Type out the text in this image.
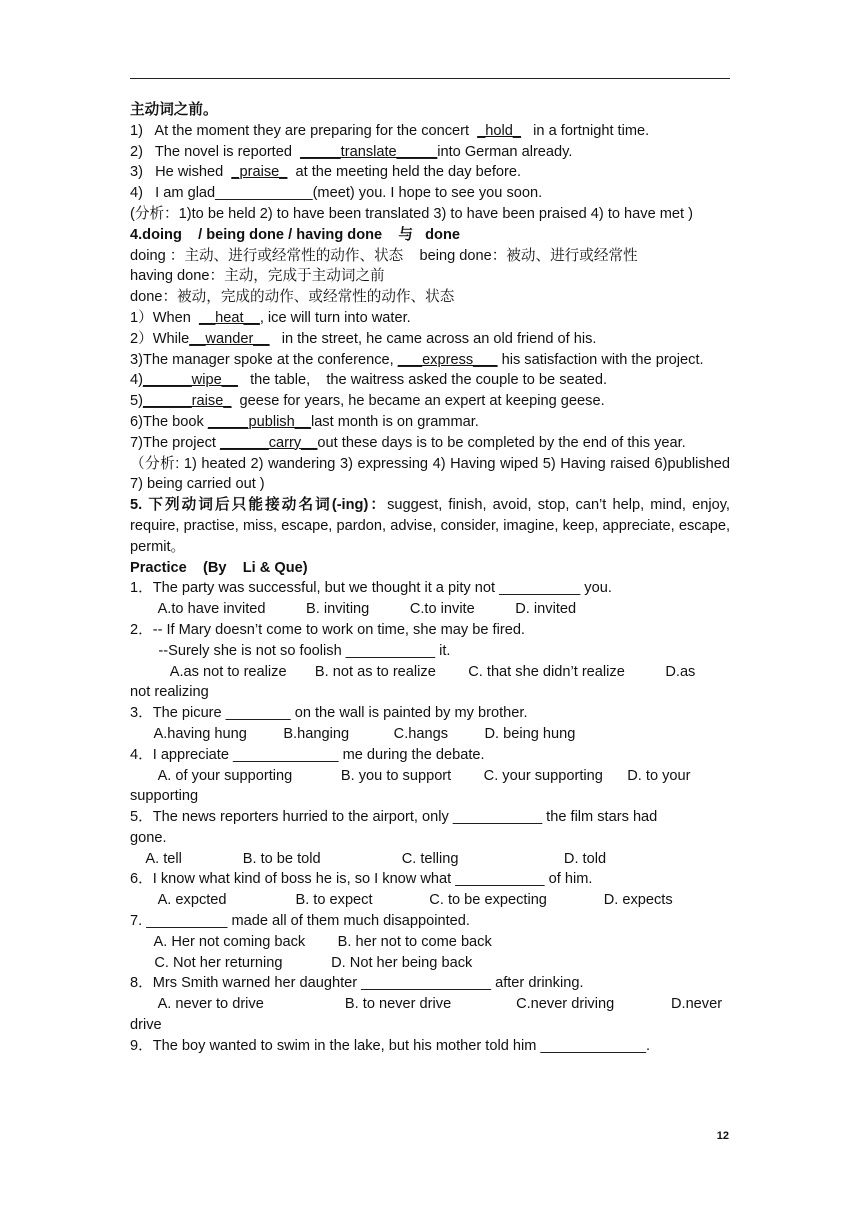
主动词之前。
1)   At the moment they are preparing for the concert  _hold_   in a fortnight time.
2)   The novel is reported  _____translate_____into German already.
3)   He wished  _praise_  at the meeting held the day before.
4)   I am glad____________(meet) you. I hope to see you soon.
(分析：1)to be held 2) to have been translated 3) to have been praised 4) to have met )
4.doing    / being done / having done    与   done
doing ：主动、进行或经常性的动作、状态    being done：被动、进行或经常性
having done：主动，完成于主动词之前
done：被动，完成的动作、或经常性的动作、状态
1）When  __heat__, ice will turn into water.
2）While__wander__   in the street, he came across an old friend of his.
3)The manager spoke at the conference, ___express___ his satisfaction with the project.
4)______wipe__   the table,    the waitress asked the couple to be seated.
5)______raise_  geese for years, he became an expert at keeping geese.
6)The book _____publish__last month is on grammar.
7)The project ______carry__out these days is to be completed by the end of this year.
（分析: 1) heated 2) wandering 3) expressing 4) Having wiped 5) Having raised 6)published 7) being carried out )
5. 下列动词后只能接动名词(-ing)：suggest, finish, avoid, stop, can’t help, mind, enjoy, require, practise, miss, escape, pardon, advise, consider, imagine, keep, appreciate, escape, permit。
Practice    (By    Li & Que)
1．The party was successful, but we thought it a pity not __________ you.
A.to have invited          B. inviting          C.to invite          D. invited
2．-- If Mary doesn’t come to work on time, she may be fired.
--Surely she is not so foolish ___________ it.
A.as not to realize       B. not as to realize        C. that she didn’t realize          D.as
not realizing
3．The picure ________ on the wall is painted by my brother.
A.having hung         B.hanging           C.hangs         D. being hung
4．I appreciate _____________ me during the debate.
A. of your supporting            B. you to support        C. your supporting      D. to your
supporting
5．The news reporters hurried to the airport, only ___________ the film stars had
gone.
A. tell               B. to be told                    C. telling                          D. told
6．I know what kind of boss he is, so I know what ___________ of him.
A. expcted                 B. to expect              C. to be expecting              D. expects
7. __________ made all of them much disappointed.
A. Her not coming back        B. her not to come back
C. Not her returning            D. Not her being back
8．Mrs Smith warned her daughter ________________ after drinking.
A. never to drive                    B. to never drive                C.never driving              D.never
drive
9．The boy wanted to swim in the lake, but his mother told him _____________.
12
